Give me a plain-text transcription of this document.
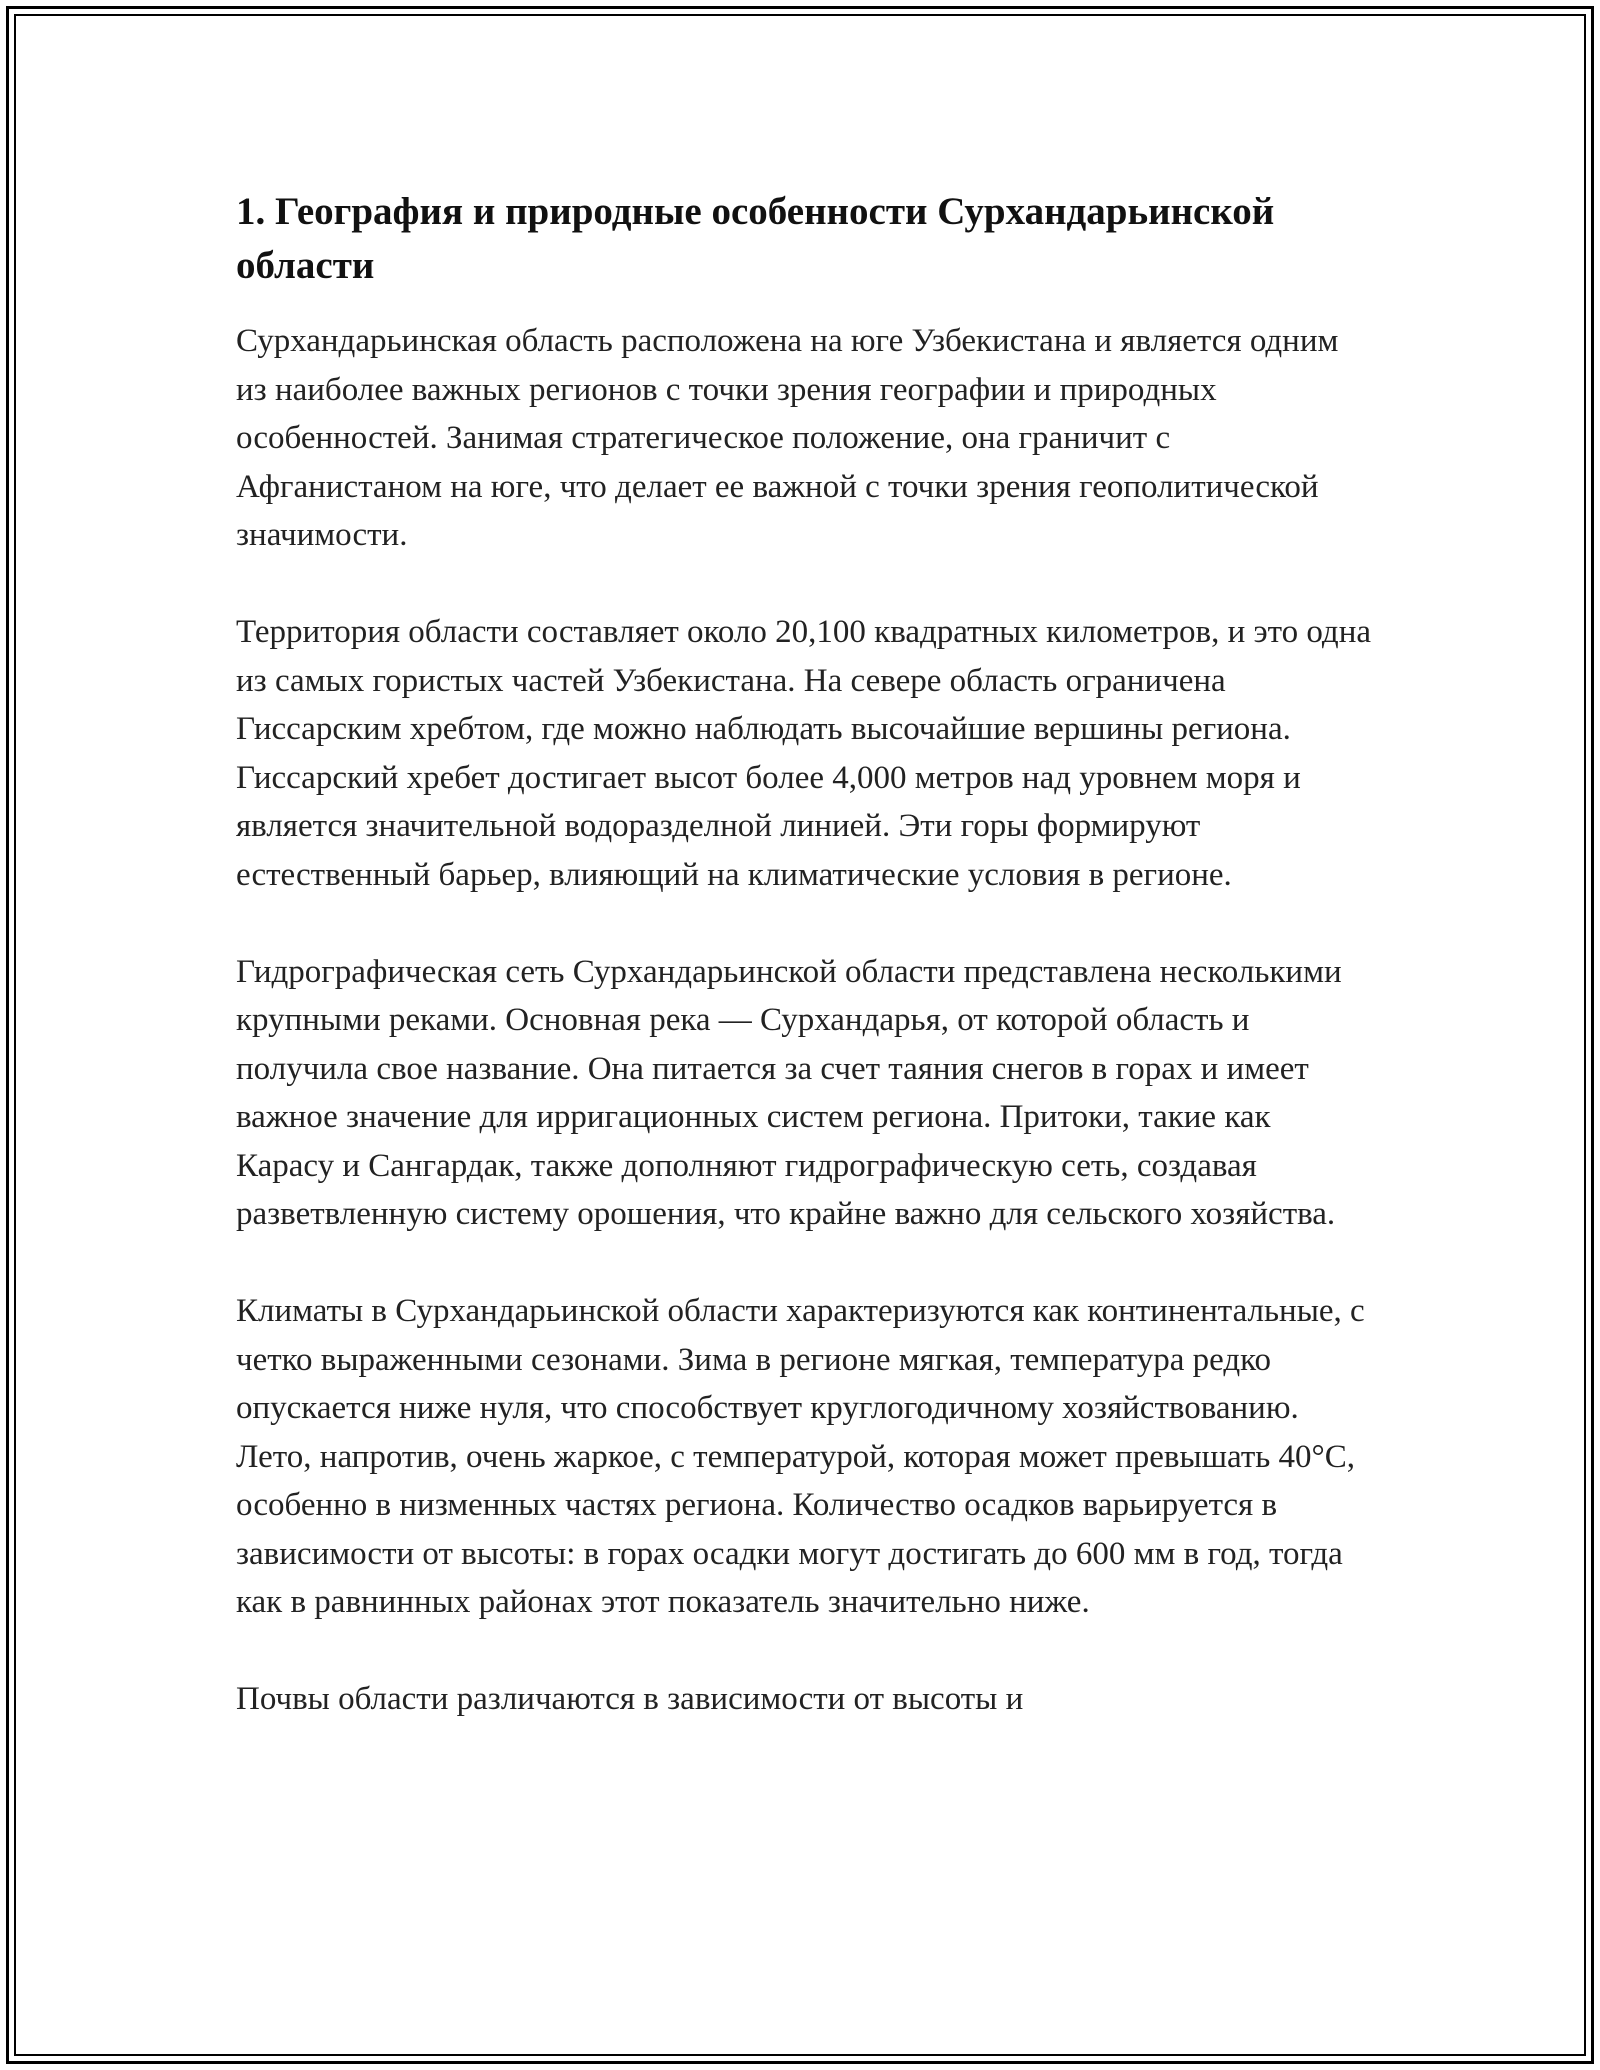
1. География и природные особенности Сурхандарьинской области

Сурхандарьинская область расположена на юге Узбекистана и является одним из наиболее важных регионов с точки зрения географии и природных особенностей. Занимая стратегическое положение, она граничит с Афганистаном на юге, что делает ее важной с точки зрения геополитической значимости.

Территория области составляет около 20,100 квадратных километров, и это одна из самых гористых частей Узбекистана. На севере область ограничена Гиссарским хребтом, где можно наблюдать высочайшие вершины региона. Гиссарский хребет достигает высот более 4,000 метров над уровнем моря и является значительной водоразделной линией. Эти горы формируют естественный барьер, влияющий на климатические условия в регионе.

Гидрографическая сеть Сурхандарьинской области представлена несколькими крупными реками. Основная река — Сурхандарья, от которой область и получила свое название. Она питается за счет таяния снегов в горах и имеет важное значение для ирригационных систем региона. Притоки, такие как Карасу и Сангардак, также дополняют гидрографическую сеть, создавая разветвленную систему орошения, что крайне важно для сельского хозяйства.

Климаты в Сурхандарьинской области характеризуются как континентальные, с четко выраженными сезонами. Зима в регионе мягкая, температура редко опускается ниже нуля, что способствует круглогодичному хозяйствованию. Лето, напротив, очень жаркое, с температурой, которая может превышать 40°C, особенно в низменных частях региона. Количество осадков варьируется в зависимости от высоты: в горах осадки могут достигать до 600 мм в год, тогда как в равнинных районах этот показатель значительно ниже.

Почвы области различаются в зависимости от высоты и
